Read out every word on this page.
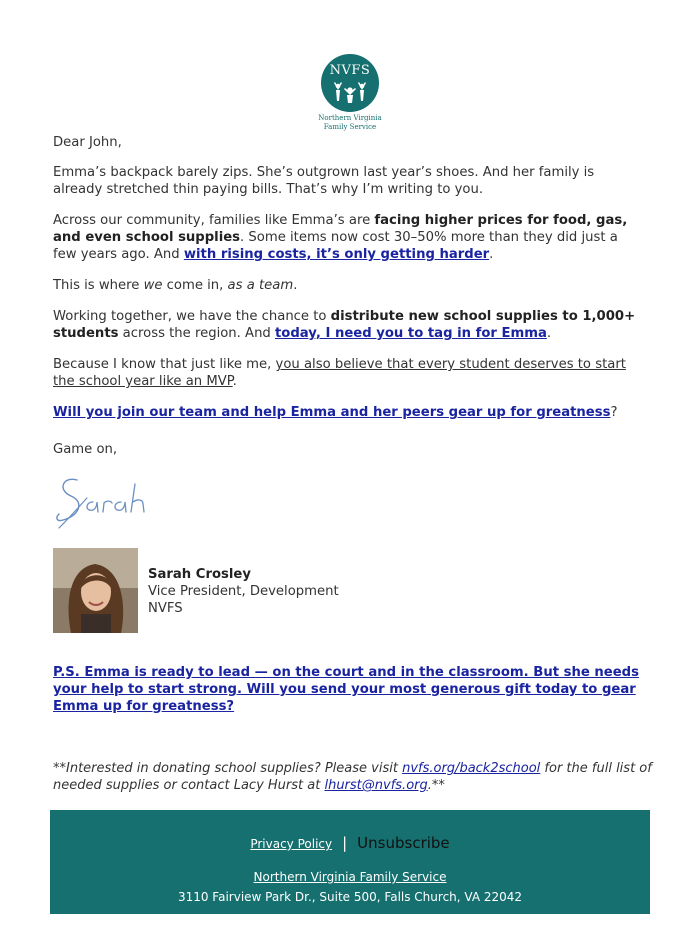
NVFS
Northern Virginia
Family Service

Dear John,

Emma’s backpack barely zips. She’s outgrown last year’s shoes. And her family is already stretched thin paying bills. That’s why I’m writing to you.

Across our community, families like Emma’s are facing higher prices for food, gas, and even school supplies. Some items now cost 30–50% more than they did just a few years ago. And with rising costs, it’s only getting harder.

This is where we come in, as a team.

Working together, we have the chance to distribute new school supplies to 1,000+ students across the region. And today, I need you to tag in for Emma.

Because I know that just like me, you also believe that every student deserves to start the school year like an MVP.

Will you join our team and help Emma and her peers gear up for greatness?

Game on,

Sarah Crosley
Vice President, Development
NVFS
P.S. Emma is ready to lead — on the court and in the classroom. But she needs your help to start strong. Will you send your most generous gift today to gear Emma up for greatness?
**Interested in donating school supplies? Please visit nvfs.org/back2school for the full list of needed supplies or contact Lacy Hurst at lhurst@nvfs.org.**
Privacy Policy | Unsubscribe
Northern Virginia Family Service
3110 Fairview Park Dr., Suite 500, Falls Church, VA 22042
